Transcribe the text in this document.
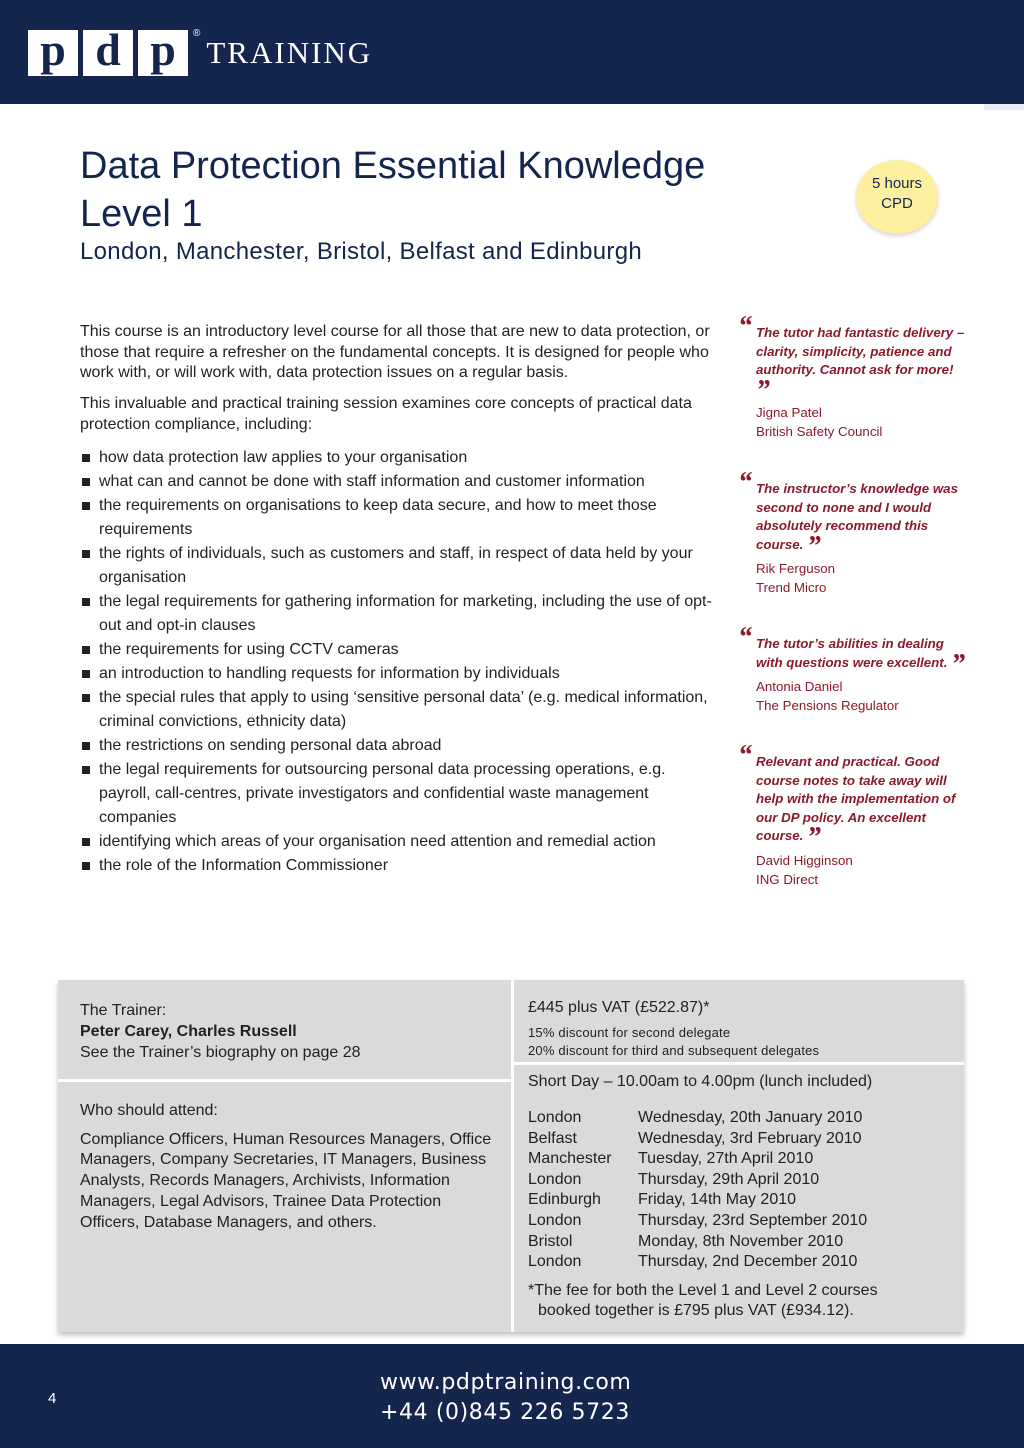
p d p	®
TRAINING
Data Protection Essential Knowledge
Level 1
London, Manchester, Bristol, Belfast and Edinburgh
5 hours
CPD

This course is an introductory level course for all those that are new to data protection, or those that require a refresher on the fundamental concepts. It is designed for people who work with, or will work with, data protection issues on a regular basis.

This invaluable and practical training session examines core concepts of practical data protection compliance, including:

how data protection law applies to your organisation
what can and cannot be done with staff information and customer information
the requirements on organisations to keep data secure, and how to meet those requirements
the rights of individuals, such as customers and staff, in respect of data held by your organisation
the legal requirements for gathering information for marketing, including the use of opt-out and opt-in clauses
the requirements for using CCTV cameras
an introduction to handling requests for information by individuals
the special rules that apply to using ‘sensitive personal data’ (e.g. medical information, criminal convictions, ethnicity data)
the restrictions on sending personal data abroad
the legal requirements for outsourcing personal data processing operations, e.g. payroll, call-centres, private investigators and confidential waste management companies
identifying which areas of your organisation need attention and remedial action
the role of the Information Commissioner
“ The tutor had fantastic delivery – clarity, simplicity, patience and authority. Cannot ask for more! ”
Jigna Patel
British Safety Council
“ The instructor’s knowledge was second to none and I would absolutely recommend this course. ”
Rik Ferguson
Trend Micro
“ The tutor’s abilities in dealing with questions were excellent. ”
Antonia Daniel
The Pensions Regulator
“ Relevant and practical. Good course notes to take away will help with the implementation of our DP policy. An excellent course. ”
David Higginson
ING Direct
The Trainer:
Peter Carey, Charles Russell
See the Trainer’s biography on page 28
Who should attend:
Compliance Officers, Human Resources Managers, Office Managers, Company Secretaries, IT Managers, Business Analysts, Records Managers, Archivists, Information Managers, Legal Advisors, Trainee Data Protection Officers, Database Managers, and others.
£445 plus VAT (£522.87)*
15% discount for second delegate
20% discount for third and subsequent delegates
Short Day – 10.00am to 4.00pm (lunch included)
London	Wednesday, 20th January 2010
Belfast	Wednesday, 3rd February 2010
Manchester	Tuesday, 27th April 2010
London	Thursday, 29th April 2010
Edinburgh	Friday, 14th May 2010
London	Thursday, 23rd September 2010
Bristol	Monday, 8th November 2010
London	Thursday, 2nd December 2010
*The fee for both the Level 1 and Level 2 courses
booked together is £795 plus VAT (£934.12).
4
www.pdptraining.com
+44 (0)845 226 5723
